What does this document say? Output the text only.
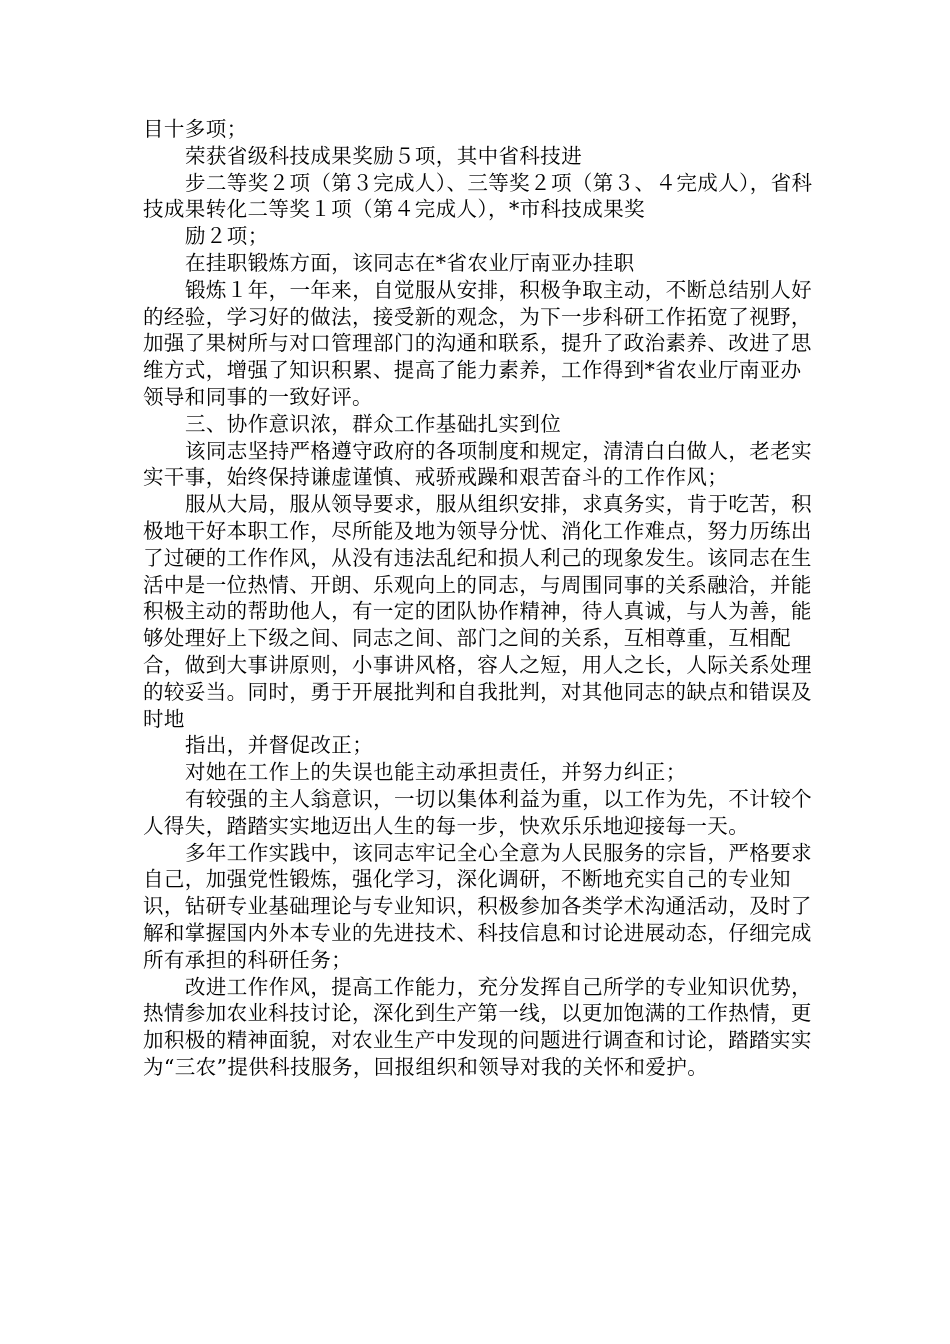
目十多项；

荣获省级科技成果奖励５项，其中省科技进

步二等奖２项（第３完成人）、三等奖２项（第３、４完成人），省科技成果转化二等奖１项（第４完成人），*市科技成果奖

励２项；

在挂职锻炼方面，该同志在*省农业厅南亚办挂职

锻炼１年，一年来，自觉服从安排，积极争取主动，不断总结别人好的经验，学习好的做法，接受新的观念，为下一步科研工作拓宽了视野，加强了果树所与对口管理部门的沟通和联系，提升了政治素养、改进了思维方式，增强了知识积累、提高了能力素养，工作得到*省农业厅南亚办领导和同事的一致好评。

三、协作意识浓，群众工作基础扎实到位

该同志坚持严格遵守政府的各项制度和规定，清清白白做人，老老实实干事，始终保持谦虚谨慎、戒骄戒躁和艰苦奋斗的工作作风；

服从大局，服从领导要求，服从组织安排，求真务实，肯于吃苦，积极地干好本职工作，尽所能及地为领导分忧、消化工作难点，努力历练出了过硬的工作作风，从没有违法乱纪和损人利己的现象发生。该同志在生活中是一位热情、开朗、乐观向上的同志，与周围同事的关系融洽，并能积极主动的帮助他人，有一定的团队协作精神，待人真诚，与人为善，能够处理好上下级之间、同志之间、部门之间的关系，互相尊重，互相配合，做到大事讲原则，小事讲风格，容人之短，用人之长，人际关系处理的较妥当。同时，勇于开展批判和自我批判，对其他同志的缺点和错误及时地

指出，并督促改正；

对她在工作上的失误也能主动承担责任，并努力纠正；

有较强的主人翁意识，一切以集体利益为重，以工作为先，不计较个人得失，踏踏实实地迈出人生的每一步，快欢乐乐地迎接每一天。

多年工作实践中，该同志牢记全心全意为人民服务的宗旨，严格要求自己，加强党性锻炼，强化学习，深化调研，不断地充实自己的专业知识，钻研专业基础理论与专业知识，积极参加各类学术沟通活动，及时了解和掌握国内外本专业的先进技术、科技信息和讨论进展动态，仔细完成所有承担的科研任务；

改进工作作风，提高工作能力，充分发挥自己所学的专业知识优势，热情参加农业科技讨论，深化到生产第一线，以更加饱满的工作热情，更加积极的精神面貌，对农业生产中发现的问题进行调查和讨论，踏踏实实为“三农”提供科技服务，回报组织和领导对我的关怀和爱护。
